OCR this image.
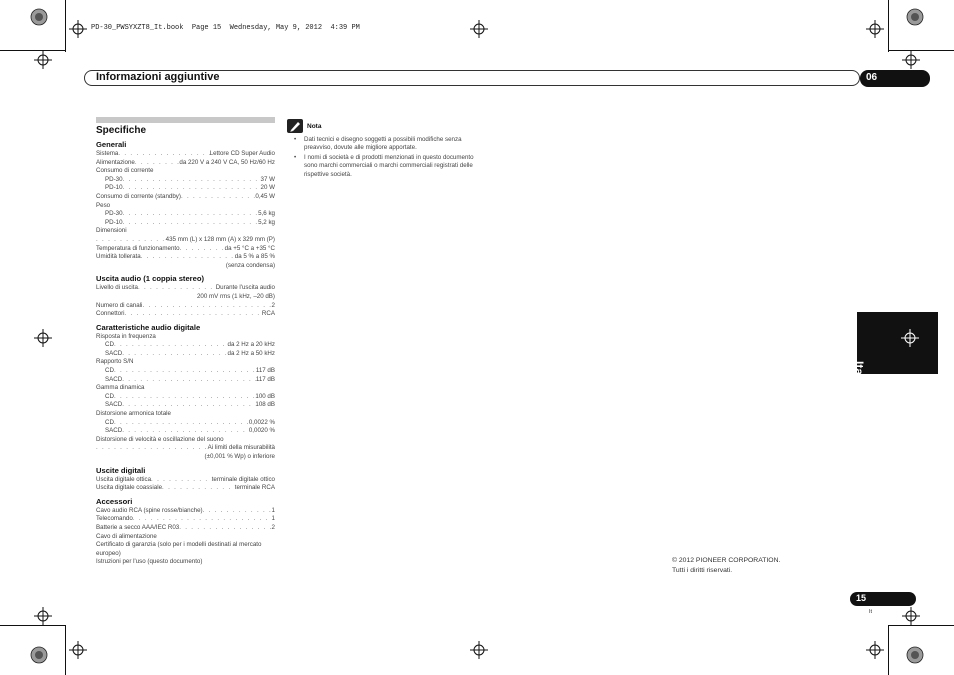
PD-30_PWSYXZT8_It.book  Page 15  Wednesday, May 9, 2012  4:39 PM
Informazioni aggiuntive	06
Specifiche
Generali
Sistema . . .	Lettore CD Super Audio
Alimentazione . . .	da 220 V a 240 V CA, 50 Hz/60 Hz
Consumo di corrente
PD-30 . . .	37 W
PD-10 . . .	20 W
Consumo di corrente (standby) . . .	0,45 W
Peso
PD-30 . . .	5,6 kg
PD-10 . . .	5,2 kg
Dimensioni
. . .
435 mm (L) x 128 mm (A) x 329 mm (P)
Temperatura di funzionamento . . .	da +5 °C a +35 °C
Umidità tollerata . . .	da 5 % a 85 %
(senza condensa)
Uscita audio (1 coppia stereo)
Livello di uscita . . .	Durante l'uscita audio
200 mV rms (1 kHz, –20 dB)
Numero di canali . . .	2
Connettori . . .	RCA
Caratteristiche audio digitale
Risposta in frequenza
CD . . .	da 2 Hz a 20 kHz
SACD . . .	da 2 Hz a 50 kHz
Rapporto S/N
CD . . .	117 dB
SACD . . .	117 dB
Gamma dinamica
CD . . .	100 dB
SACD . . .	108 dB
Distorsione armonica totale
CD . . .	0,0022 %
SACD . . .	0,0020 %
Distorsione di velocità e oscillazione del suono
. . .
Ai limiti della misurabilità
(±0,001 % Wp) o inferiore
Uscite digitali
Uscita digitale ottica . . .	terminale digitale ottico
Uscita digitale coassiale . . .	terminale RCA
Accessori
Cavo audio RCA (spine rosse/bianche) . . .	1
Telecomando . . .	1
Batterie a secco AAA/IEC R03 . . .	2
Cavo di alimentazione
Certificato di garanzia (solo per i modelli destinati al mercato europeo)
Istruzioni per l'uso (questo documento)
Nota
• Dati tecnici e disegno soggetti a possibili modifiche senza preavviso, dovute alle migliore apportate.
• I nomi di società e di prodotti menzionati in questo documento sono marchi commerciali o marchi commerciali registrati delle rispettive società.
Italiano
© 2012 PIONEER CORPORATION.
Tutti i diritti riservati.
15
It
